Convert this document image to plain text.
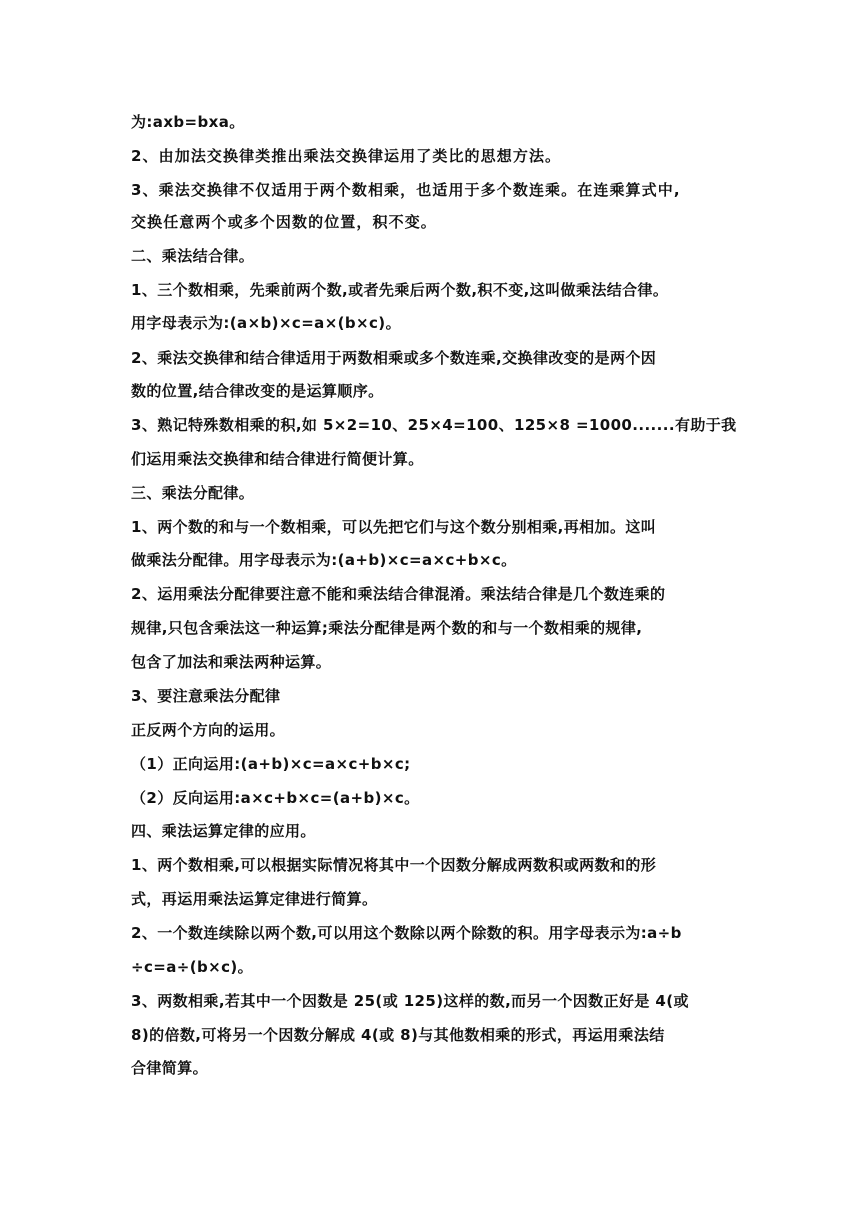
为:axb=bxa。
2、由加法交换律类推出乘法交换律运用了类比的思想方法。
3、乘法交换律不仅适用于两个数相乘，也适用于多个数连乘。在连乘算式中,
交换任意两个或多个因数的位置，积不变。
二、乘法结合律。
1、三个数相乘，先乘前两个数,或者先乘后两个数,积不变,这叫做乘法结合律。
用字母表示为:(a×b)×c=a×(b×c)。
2、乘法交换律和结合律适用于两数相乘或多个数连乘,交换律改变的是两个因
数的位置,结合律改变的是运算顺序。
3、熟记特殊数相乘的积,如 5×2=10、25×4=100、125×8 =1000.......有助于我
们运用乘法交换律和结合律进行简便计算。
三、乘法分配律。
1、两个数的和与一个数相乘，可以先把它们与这个数分别相乘,再相加。这叫
做乘法分配律。用字母表示为:(a+b)×c=a×c+b×c。
2、运用乘法分配律要注意不能和乘法结合律混淆。乘法结合律是几个数连乘的
规律,只包含乘法这一种运算;乘法分配律是两个数的和与一个数相乘的规律,
包含了加法和乘法两种运算。
3、要注意乘法分配律
正反两个方向的运用。
（1）正向运用:(a+b)×c=a×c+b×c;
（2）反向运用:a×c+b×c=(a+b)×c。
四、乘法运算定律的应用。
1、两个数相乘,可以根据实际情况将其中一个因数分解成两数积或两数和的形
式，再运用乘法运算定律进行简算。
2、一个数连续除以两个数,可以用这个数除以两个除数的积。用字母表示为:a÷b
÷c=a÷(b×c)。
3、两数相乘,若其中一个因数是 25(或 125)这样的数,而另一个因数正好是 4(或
8)的倍数,可将另一个因数分解成 4(或 8)与其他数相乘的形式，再运用乘法结
合律简算。
